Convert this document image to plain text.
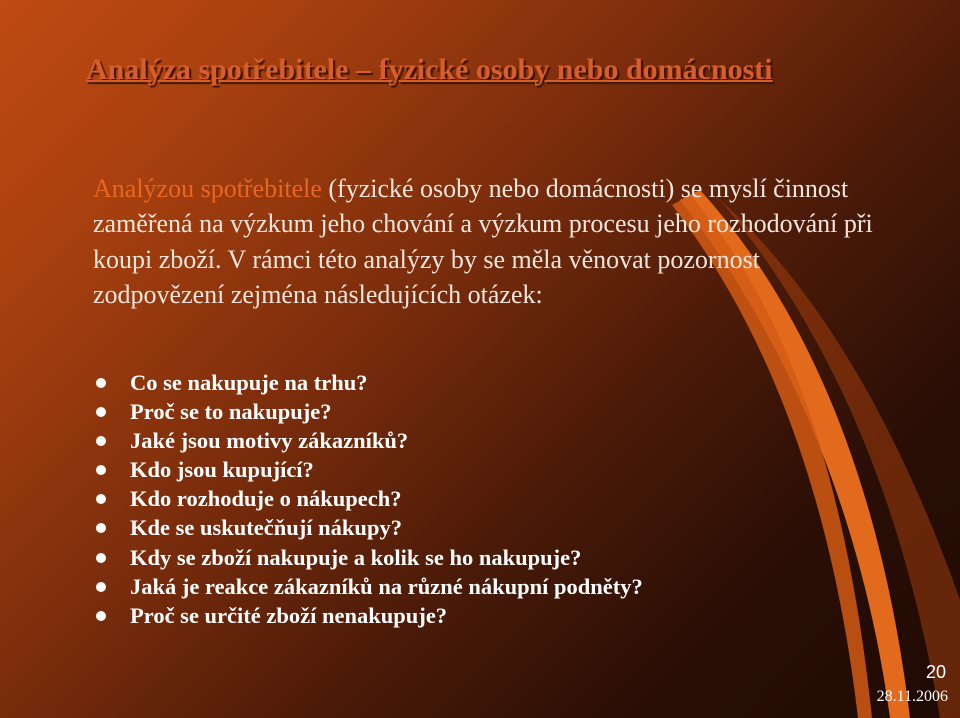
Analýza spotřebitele – fyzické osoby nebo domácnosti

Analýzou spotřebitele (fyzické osoby nebo domácnosti) se myslí činnost zaměřená na výzkum jeho chování a výzkum procesu jeho rozhodování při koupi zboží. V rámci této analýzy by se měla věnovat pozornost zodpovězení zejména následujících otázek:

Co se nakupuje na trhu?
Proč se to nakupuje?
Jaké jsou motivy zákazníků?
Kdo jsou kupující?
Kdo rozhoduje o nákupech?
Kde se uskutečňují nákupy?
Kdy se zboží nakupuje a kolik se ho nakupuje?
Jaká je reakce zákazníků na různé nákupní podněty?
Proč se určité zboží nenakupuje?
20
28.11.2006
